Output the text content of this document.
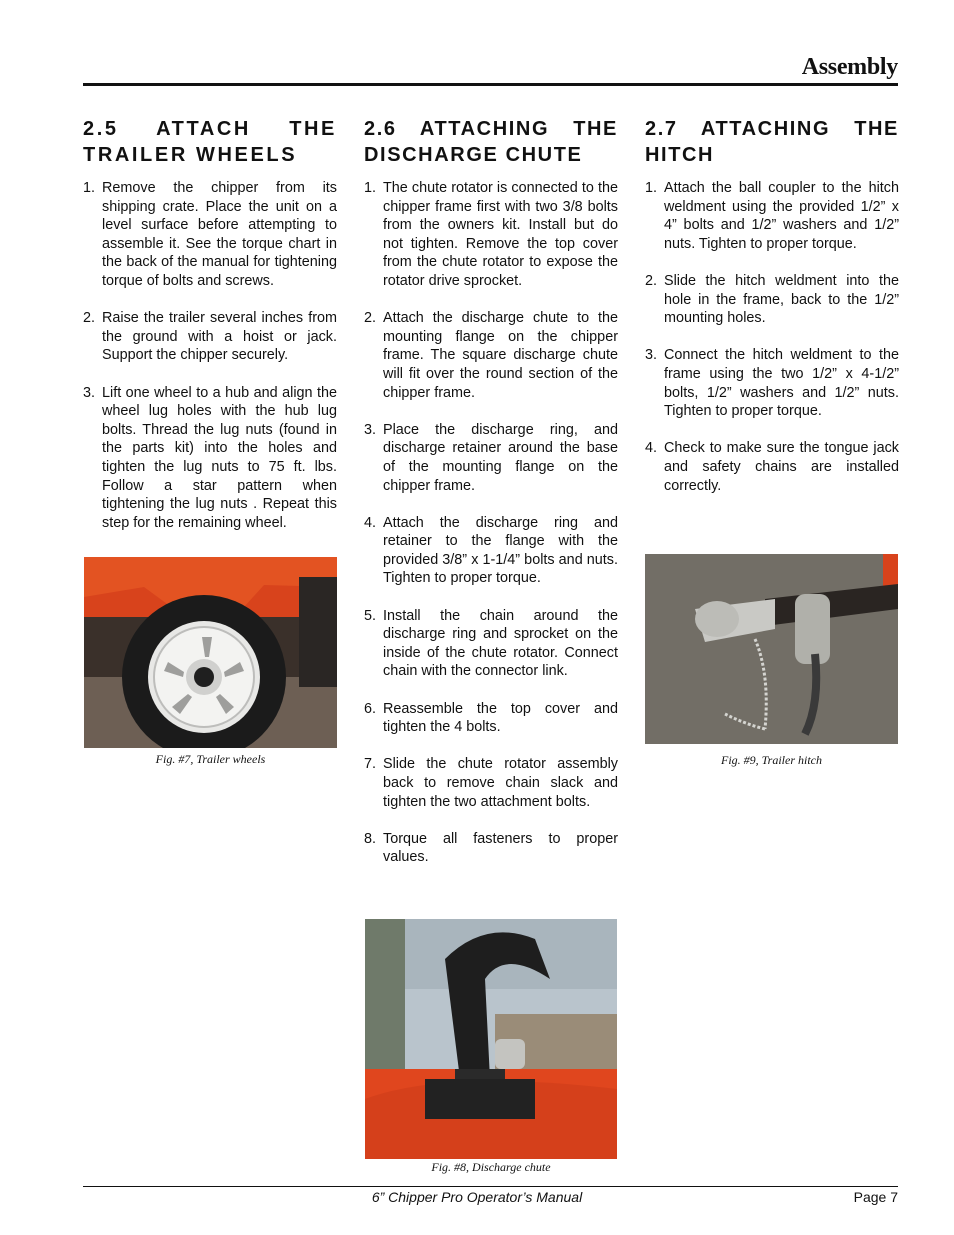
Assembly
2.5 ATTACH THE TRAILER WHEELS
1. Remove the chipper from its shipping crate. Place the unit on a level surface before attempting to assemble it. See the torque chart in the back of the manual for tightening torque of bolts and screws.
2. Raise the trailer several inches from the ground with a hoist or jack. Support the chipper securely.
3. Lift one wheel to a hub and align the wheel lug holes with the hub lug bolts. Thread the lug nuts (found in the parts kit) into the holes and tighten the lug nuts to 75 ft. lbs. Follow a star pattern when tightening the lug nuts . Repeat this step for the remaining wheel.
2.6 ATTACHING THE DISCHARGE CHUTE
1. The chute rotator is connected to the chipper frame first with two 3/8 bolts from the owners kit. Install but do not tighten. Remove the top cover from the chute rotator to expose the rotator drive sprocket.
2. Attach the discharge chute to the mounting flange on the chipper frame. The square discharge chute will fit over the round section of the chipper frame.
3. Place the discharge ring, and discharge retainer around the base of the mounting flange on the chipper frame.
4. Attach the discharge ring and retainer to the flange with the provided 3/8” x 1-1/4” bolts and nuts. Tighten to proper torque.
5. Install the chain around the discharge ring and sprocket on the inside of the chute rotator. Connect chain with the connector link.
6. Reassemble the top cover and tighten the 4 bolts.
7. Slide the chute rotator assembly back to remove chain slack and tighten the two attachment bolts.
8. Torque all fasteners to proper values.
2.7 ATTACHING THE HITCH
1. Attach the ball coupler to the hitch weldment using the provided 1/2” x 4” bolts and 1/2” washers and 1/2” nuts. Tighten to proper torque.
2. Slide the hitch weldment into the hole in the frame, back to the 1/2” mounting holes.
3. Connect the hitch weldment to the frame using the two 1/2” x 4-1/2” bolts, 1/2” washers and 1/2” nuts. Tighten to proper torque.
4. Check to make sure the tongue jack and safety chains are installed correctly.
Fig. #7, Trailer wheels	Fig. #9, Trailer hitch
Fig. #8, Discharge chute
6” Chipper Pro Operator’s Manual	Page 7
